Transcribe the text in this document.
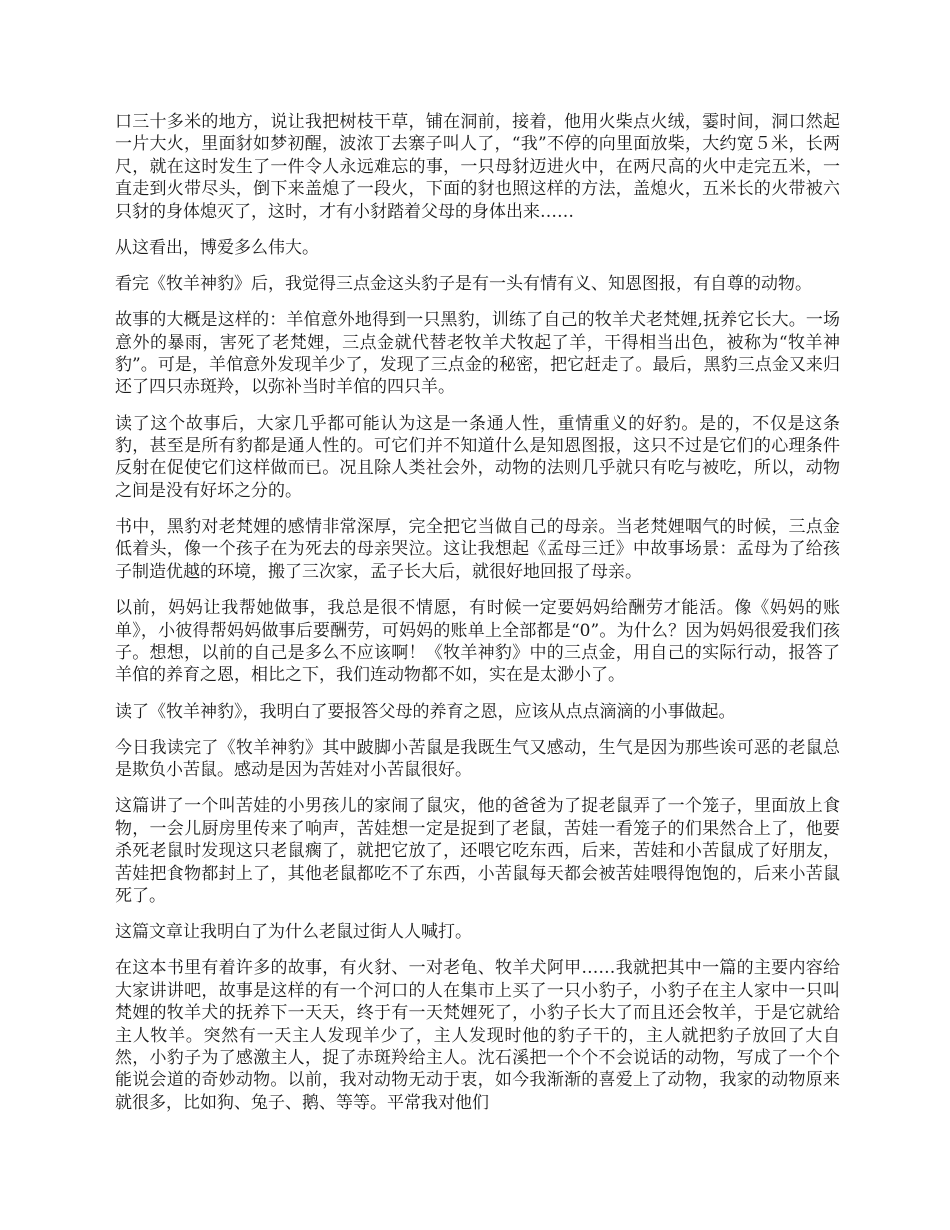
口三十多米的地方，说让我把树枝干草，铺在洞前，接着，他用火柴点火绒，霎时间，洞口然起一片大火，里面豺如梦初醒，波浓丁去寨子叫人了，“我”不停的向里面放柴，大约宽５米，长两尺，就在这时发生了一件令人永远难忘的事，一只母豺迈进火中，在两尺高的火中走完五米，一直走到火带尽头，倒下来盖熄了一段火，下面的豺也照这样的方法，盖熄火，五米长的火带被六只豺的身体熄灭了，这时，才有小豺踏着父母的身体出来……

从这看出，博爱多么伟大。

看完《牧羊神豹》后，我觉得三点金这头豹子是有一头有情有义、知恩图报，有自尊的动物。

故事的大概是这样的：羊倌意外地得到一只黑豹，训练了自己的牧羊犬老梵娌,抚养它长大。一场意外的暴雨，害死了老梵娌，三点金就代替老牧羊犬牧起了羊，干得相当出色，被称为“牧羊神豹”。可是，羊倌意外发现羊少了，发现了三点金的秘密，把它赶走了。最后，黑豹三点金又来归还了四只赤斑羚，以弥补当时羊倌的四只羊。

读了这个故事后，大家几乎都可能认为这是一条通人性，重情重义的好豹。是的，不仅是这条豹，甚至是所有豹都是通人性的。可它们并不知道什么是知恩图报，这只不过是它们的心理条件反射在促使它们这样做而已。况且除人类社会外，动物的法则几乎就只有吃与被吃，所以，动物之间是没有好坏之分的。

书中，黑豹对老梵娌的感情非常深厚，完全把它当做自己的母亲。当老梵娌咽气的时候，三点金低着头，像一个孩子在为死去的母亲哭泣。这让我想起《孟母三迁》中故事场景：孟母为了给孩子制造优越的环境，搬了三次家，孟子长大后，就很好地回报了母亲。

以前，妈妈让我帮她做事，我总是很不情愿，有时候一定要妈妈给酬劳才能活。像《妈妈的账单》，小彼得帮妈妈做事后要酬劳，可妈妈的账单上全部都是“0”。为什么？因为妈妈很爱我们孩子。想想，以前的自己是多么不应该啊！《牧羊神豹》中的三点金，用自己的实际行动，报答了羊倌的养育之恩，相比之下，我们连动物都不如，实在是太渺小了。

读了《牧羊神豹》，我明白了要报答父母的养育之恩，应该从点点滴滴的小事做起。

今日我读完了《牧羊神豹》其中跛脚小苦鼠是我既生气又感动，生气是因为那些诶可恶的老鼠总是欺负小苦鼠。感动是因为苦娃对小苦鼠很好。

这篇讲了一个叫苦娃的小男孩儿的家闹了鼠灾，他的爸爸为了捉老鼠弄了一个笼子，里面放上食物，一会儿厨房里传来了响声，苦娃想一定是捉到了老鼠，苦娃一看笼子的们果然合上了，他要杀死老鼠时发现这只老鼠瘸了，就把它放了，还喂它吃东西，后来，苦娃和小苦鼠成了好朋友，苦娃把食物都封上了，其他老鼠都吃不了东西，小苦鼠每天都会被苦娃喂得饱饱的，后来小苦鼠死了。

这篇文章让我明白了为什么老鼠过街人人喊打。

在这本书里有着许多的故事，有火豺、一对老龟、牧羊犬阿甲……我就把其中一篇的主要内容给大家讲讲吧，故事是这样的有一个河口的人在集市上买了一只小豹子，小豹子在主人家中一只叫梵娌的牧羊犬的抚养下一天天，终于有一天梵娌死了，小豹子长大了而且还会牧羊，于是它就给主人牧羊。突然有一天主人发现羊少了，主人发现时他的豹子干的，主人就把豹子放回了大自然，小豹子为了感激主人，捉了赤斑羚给主人。沈石溪把一个个不会说话的动物，写成了一个个能说会道的奇妙动物。以前，我对动物无动于衷，如今我渐渐的喜爱上了动物，我家的动物原来就很多，比如狗、兔子、鹅、等等。平常我对他们
